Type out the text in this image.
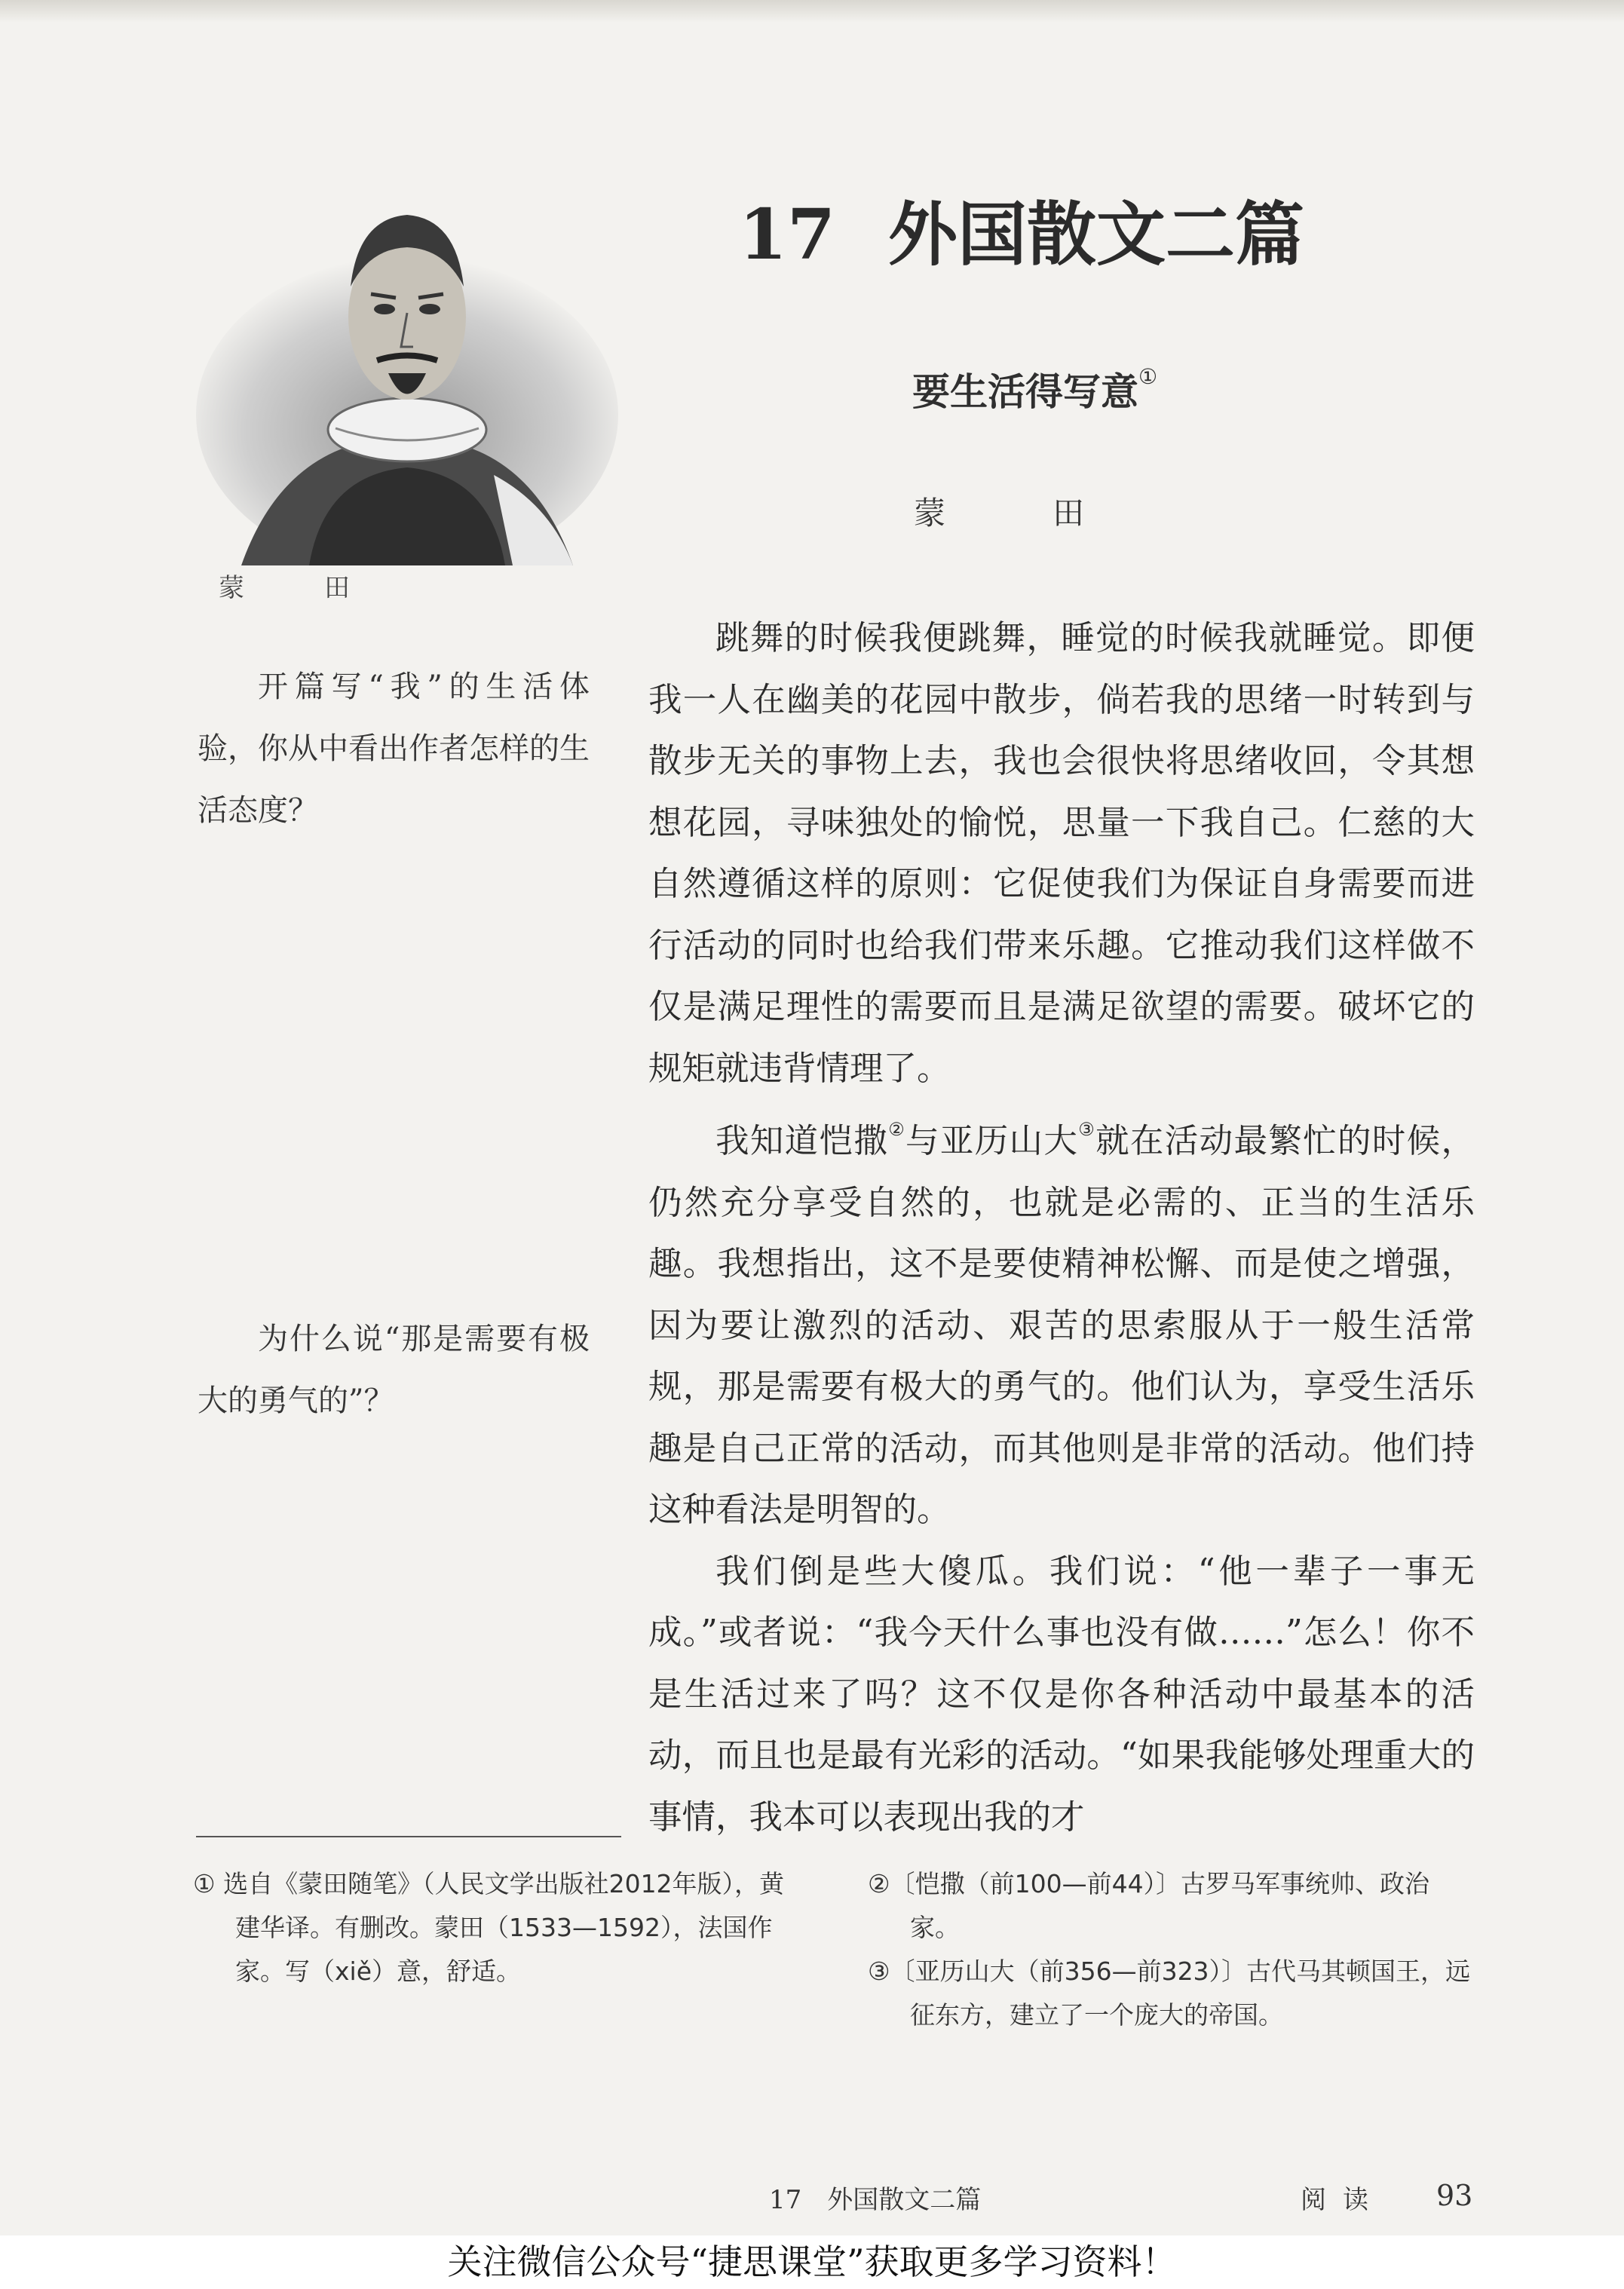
蒙　田
17 外国散文二篇
要生活得写意①
蒙　田
开篇写“我”的生活体验，你从中看出作者怎样的生活态度？
为什么说“那是需要有极大的勇气的”？

跳舞的时候我便跳舞，睡觉的时候我就睡觉。即便我一人在幽美的花园中散步，倘若我的思绪一时转到与散步无关的事物上去，我也会很快将思绪收回，令其想想花园，寻味独处的愉悦，思量一下我自己。仁慈的大自然遵循这样的原则：它促使我们为保证自身需要而进行活动的同时也给我们带来乐趣。它推动我们这样做不仅是满足理性的需要而且是满足欲望的需要。破坏它的规矩就违背情理了。

我知道恺撒②与亚历山大③就在活动最繁忙的时候，仍然充分享受自然的，也就是必需的、正当的生活乐趣。我想指出，这不是要使精神松懈、而是使之增强，因为要让激烈的活动、艰苦的思索服从于一般生活常规，那是需要有极大的勇气的。他们认为，享受生活乐趣是自己正常的活动，而其他则是非常的活动。他们持这种看法是明智的。

我们倒是些大傻瓜。我们说：“他一辈子一事无成。”或者说：“我今天什么事也没有做……”怎么！你不是生活过来了吗？这不仅是你各种活动中最基本的活动，而且也是最有光彩的活动。“如果我能够处理重大的事情，我本可以表现出我的才

① 选自《蒙田随笔》（人民文学出版社2012年版），黄建华译。有删改。蒙田（1533—1592），法国作家。写（xiě）意，舒适。

②〔恺撒（前100—前44）〕古罗马军事统帅、政治家。

③〔亚历山大（前356—前323）〕古代马其顿国王，远征东方，建立了一个庞大的帝国。

17　外国散文二篇	阅读 93
关注微信公众号“捷思课堂”获取更多学习资料！
